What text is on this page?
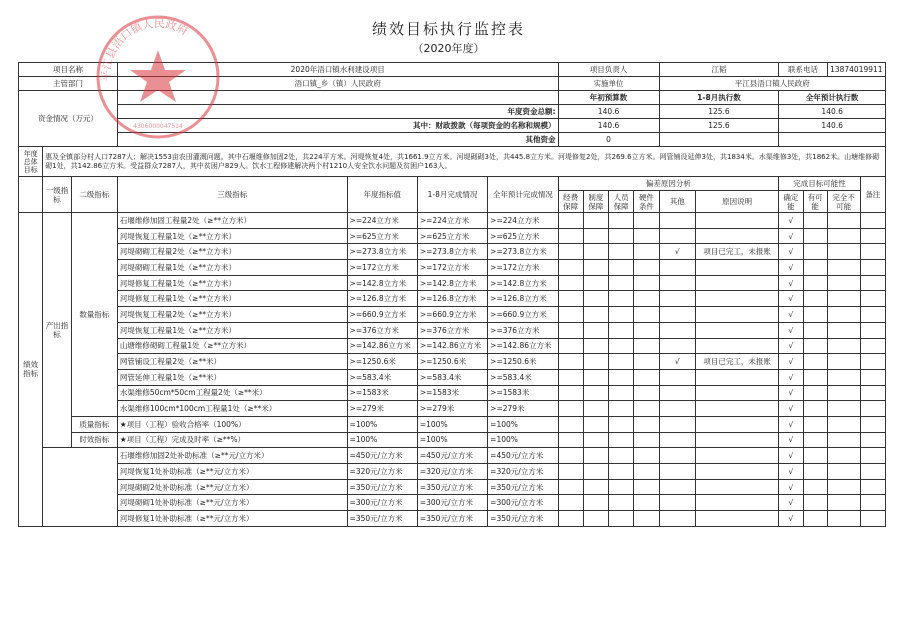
绩效目标执行监控表
（2020年度）
项目名称			2020年浯口镇水利建设项目				项目负责人				江韬		联系电话		13874019911	
主管部门			浯口镇_乡（镇）人民政府				实施单位				平江县浯口镇人民政府					
资金情况（万元）							年初预算数				1-8月执行数		全年预计执行数			
			年度资金总额:				140.6				125.6		140.6			
			其中：财政拨款（每项资金的名称和规模）				140.6				125.6		140.6			
			其他资金				0									
年度总体目标	惠及全镇部分村人口7287人；解决1553亩农田灌溉问题。其中石堰维修加固2处，共224平方米。河堤恢复4处，共1661.9立方米。河堤砌砌3处，共445.8立方米。河堤修复2处，共269.6立方米。网管铺设延伸3处，共1834米。水渠维修3处，共1862米。山塘维修砌砌1处，共142.86立方米。受益群众7287人，其中贫困户829人。饮水工程修建解决两个村1210人安全饮水问题及贫困户163人。															
	一级指标	二级指标	三级指标	年度指标值	1-8月完成情况	全年预计完成情况	偏差原因分析						完成目标可能性			备注
							经费保障	制度保障	人员保障	硬件条件	其他	原因说明	确定能	有可能	完全不可能	
绩效指标	产出指标	数量指标	石堰维修加固工程量2处（≥**立方米）	>=224立方米	>=224立方米	>=224立方米							√			
			河堤恢复工程量1处（≥**立方米）	>=625立方米	>=625立方米	>=625立方米							√			
			河堤砌砌工程量2处（≥**立方米）	>=273.8立方米	>=273.8立方米	>=273.8立方米					√	项目已完工，未报账	√			
			河堤砌砌工程量1处（≥**立方米）	>=172立方米	>=172立方米	>=172立方米							√			
			河堤修复工程量1处（≥**立方米）	>=142.8立方米	>=142.8立方米	>=142.8立方米							√			
			河堤修复工程量1处（≥**立方米）	>=126.8立方米	>=126.8立方米	>=126.8立方米							√			
			河堤恢复工程量2处（≥**立方米）	>=660.9立方米	>=660.9立方米	>=660.9立方米							√			
			河堤恢复工程量1处（≥**立方米）	>=376立方米	>=376立方米	>=376立方米							√			
			山塘维修砌砌工程量1处（≥**立方米）	>=142.86立方米	>=142.86立方米	>=142.86立方米							√			
			网管铺设工程量2处（≥**米）	>=1250.6米	>=1250.6米	>=1250.6米					√	项目已完工，未报账	√			
			网管延伸工程量1处（≥**米）	>=583.4米	>=583.4米	>=583.4米							√			
			水渠维修50cm*50cm工程量2处（≥**米）	>=1583米	>=1583米	>=1583米							√			
			水渠维修100cm*100cm工程量1处（≥**米）	>=279米	>=279米	>=279米							√			
		质量指标	★项目（工程）验收合格率（100%）	=100%	=100%	=100%							√			
		时效指标	★项目（工程）完成及时率（≥**%）	=100%	=100%	=100%							√			
			石堰维修加固2处补助标准（≥**元/立方米）	=450元/立方米	=450元/立方米	=450元/立方米							√			
			河堤恢复1处补助标准（≥**元/立方米）	=320元/立方米	=320元/立方米	=320元/立方米							√			
			河堤砌砌2处补助标准（≥**元/立方米）	=350元/立方米	=350元/立方米	=350元/立方米							√			
			河堤砌砌1处补助标准（≥**元/立方米）	=300元/立方米	=300元/立方米	=300元/立方米							√			
			河堤修复1处补助标准（≥**元/立方米）	=350元/立方米	=350元/立方米	=350元/立方米							√			
平江县浯口镇人民政府
4306000047514
